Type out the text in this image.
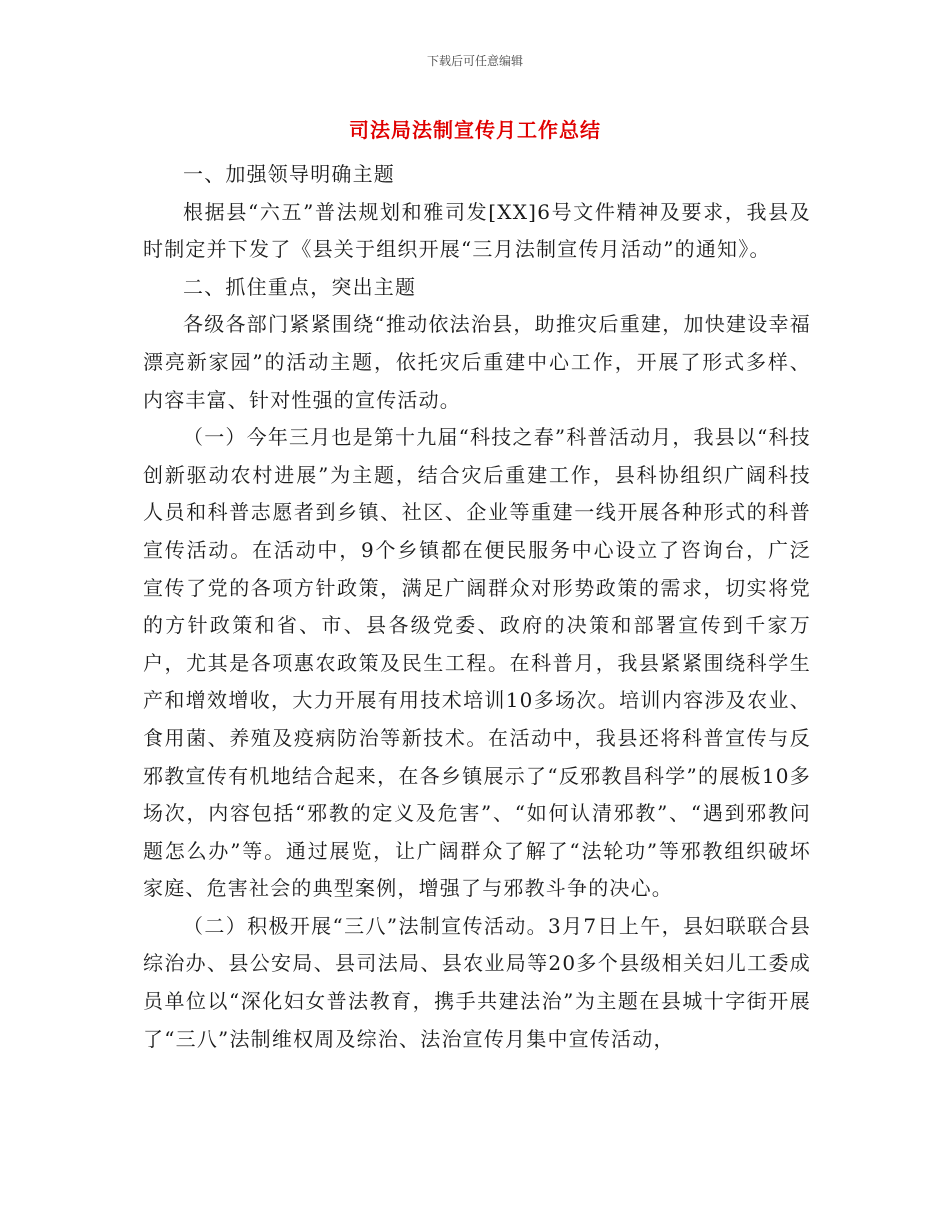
下载后可任意编辑
司法局法制宣传月工作总结

一、加强领导明确主题

根据县“六五”普法规划和雅司发[XX]6号文件精神及要求，我县及时制定并下发了《县关于组织开展“三月法制宣传月活动”的通知》。

二、抓住重点，突出主题

各级各部门紧紧围绕“推动依法治县，助推灾后重建，加快建设幸福漂亮新家园”的活动主题，依托灾后重建中心工作，开展了形式多样、内容丰富、针对性强的宣传活动。

（一）今年三月也是第十九届“科技之春”科普活动月，我县以“科技创新驱动农村进展”为主题，结合灾后重建工作，县科协组织广阔科技人员和科普志愿者到乡镇、社区、企业等重建一线开展各种形式的科普宣传活动。在活动中，9个乡镇都在便民服务中心设立了咨询台，广泛宣传了党的各项方针政策，满足广阔群众对形势政策的需求，切实将党的方针政策和省、市、县各级党委、政府的决策和部署宣传到千家万户，尤其是各项惠农政策及民生工程。在科普月，我县紧紧围绕科学生产和增效增收，大力开展有用技术培训10多场次。培训内容涉及农业、食用菌、养殖及疫病防治等新技术。在活动中，我县还将科普宣传与反邪教宣传有机地结合起来，在各乡镇展示了“反邪教昌科学”的展板10多场次，内容包括“邪教的定义及危害”、“如何认清邪教”、“遇到邪教问题怎么办”等。通过展览，让广阔群众了解了“法轮功”等邪教组织破坏家庭、危害社会的典型案例，增强了与邪教斗争的决心。

（二）积极开展“三八”法制宣传活动。3月7日上午，县妇联联合县综治办、县公安局、县司法局、县农业局等20多个县级相关妇儿工委成员单位以“深化妇女普法教育，携手共建法治”为主题在县城十字街开展了“三八”法制维权周及综治、法治宣传月集中宣传活动，
